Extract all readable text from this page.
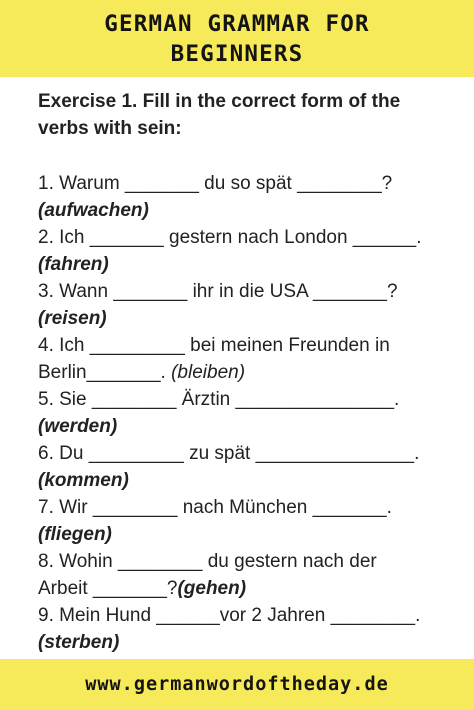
GERMAN GRAMMAR FOR
BEGINNERS
Exercise 1. Fill in the correct form of the
verbs with sein:
1. Warum _______ du so spät ________?
(aufwachen)
2. Ich _______ gestern nach London ______.
(fahren)
3. Wann _______ ihr in die USA _______?
(reisen)
4. Ich _________ bei meinen Freunden in
Berlin_______. (bleiben)
5. Sie ________ Ärztin _______________.
(werden)
6. Du _________ zu spät _______________.
(kommen)
7. Wir ________ nach München _______.
(fliegen)
8. Wohin ________ du gestern nach der
Arbeit _______?(gehen)
9. Mein Hund ______vor 2 Jahren ________.
(sterben)
www.germanwordoftheday.de
